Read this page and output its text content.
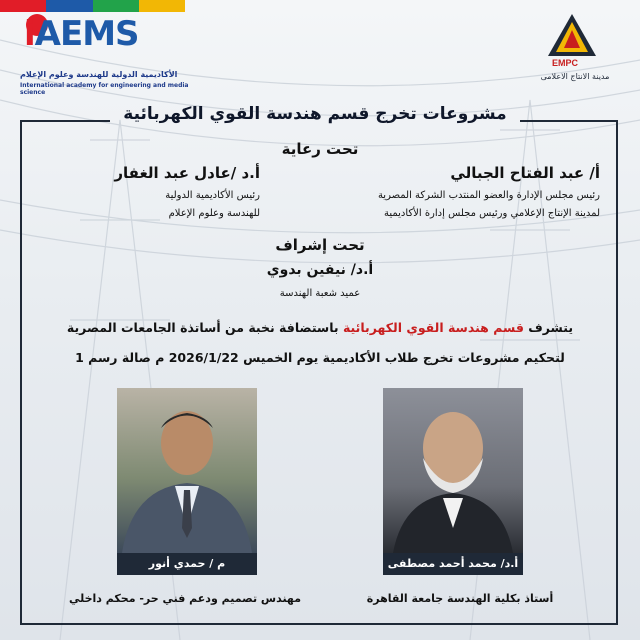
iAEMS
الأكاديمية الدولية للهندسة وعلوم الإعلام
International academy for engineering and media science
EMPC
مدينة الانتاج الاعلامى
مشروعات تخرج قسم هندسة القوي الكهربائية
تحت رعاية
أ/ عبد الفتاح الجبالي
رئيس مجلس الإدارة والعضو المنتدب الشركة المصرية
لمدينة الإنتاج الإعلامي ورئيس مجلس إدارة الأكاديمية
أ.د /عادل عبد الغفار
رئيس الأكاديمية الدولية
للهندسة وعلوم الإعلام
تحت إشراف
أ.د/ نيفين بدوي
عميد شعبة الهندسة
يتشرف قسم هندسة القوي الكهربائية باستضافة نخبة من أساتذة الجامعات المصرية
لتحكيم مشروعات تخرج طلاب الأكاديمية يوم الخميس 2026/1/22 م صالة رسم 1
أ.د/ محمد أحمد مصطفى
أستاذ بكلية الهندسة جامعة القاهرة
م / حمدي أنور
مهندس تصميم ودعم فني حر- محكم داخلي
